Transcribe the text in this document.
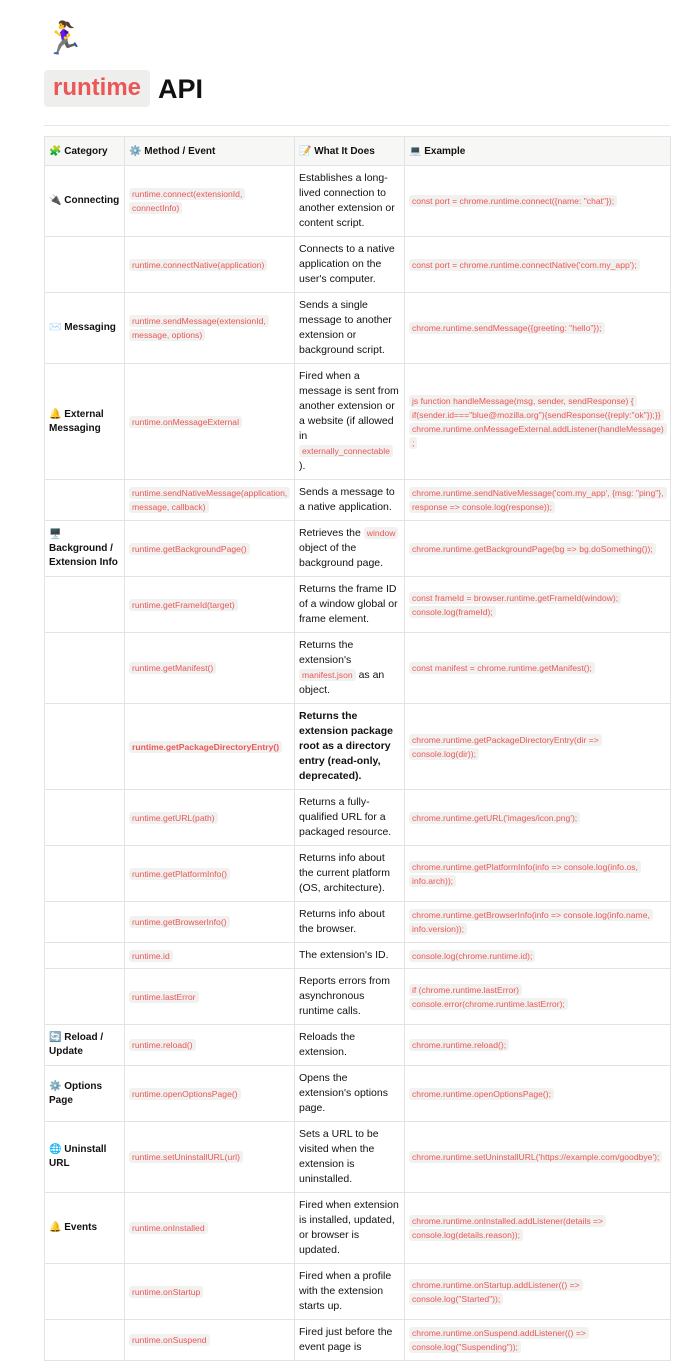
🏃‍♀️
runtime API
🧩 Category	⚙️ Method / Event	📝 What It Does	💻 Example
🔌 Connecting	runtime.connect(extensionId, connectInfo)	Establishes a long-lived connection to another extension or content script.	const port = chrome.runtime.connect({name: "chat"});
	runtime.connectNative(application)	Connects to a native application on the user's computer.	const port = chrome.runtime.connectNative('com.my_app');
✉️ Messaging	runtime.sendMessage(extensionId, message, options)	Sends a single message to another extension or background script.	chrome.runtime.sendMessage({greeting: "hello"});
🔔 External Messaging	runtime.onMessageExternal	Fired when a message is sent from another extension or a website (if allowed in externally_connectable ).	js function handleMessage(msg, sender, sendResponse) { if(sender.id==="blue@mozilla.org"){sendResponse({reply:"ok"});}} chrome.runtime.onMessageExternal.addListener(handleMessage);
	runtime.sendNativeMessage(application, message, callback)	Sends a message to a native application.	chrome.runtime.sendNativeMessage('com.my_app', {msg: "ping"}, response => console.log(response));
🖥️ Background / Extension Info	runtime.getBackgroundPage()	Retrieves the window object of the background page.	chrome.runtime.getBackgroundPage(bg => bg.doSomething());
	runtime.getFrameId(target)	Returns the frame ID of a window global or frame element.	const frameId = browser.runtime.getFrameId(window); console.log(frameId);
	runtime.getManifest()	Returns the extension's manifest.json as an object.	const manifest = chrome.runtime.getManifest();
	runtime.getPackageDirectoryEntry()	Returns the extension package root as a directory entry (read-only, deprecated).	chrome.runtime.getPackageDirectoryEntry(dir => console.log(dir));
	runtime.getURL(path)	Returns a fully-qualified URL for a packaged resource.	chrome.runtime.getURL('images/icon.png');
	runtime.getPlatformInfo()	Returns info about the current platform (OS, architecture).	chrome.runtime.getPlatformInfo(info => console.log(info.os, info.arch));
	runtime.getBrowserInfo()	Returns info about the browser.	chrome.runtime.getBrowserInfo(info => console.log(info.name, info.version));
	runtime.id	The extension's ID.	console.log(chrome.runtime.id);
	runtime.lastError	Reports errors from asynchronous runtime calls.	if (chrome.runtime.lastError) console.error(chrome.runtime.lastError);
🔄 Reload / Update	runtime.reload()	Reloads the extension.	chrome.runtime.reload();
⚙️ Options Page	runtime.openOptionsPage()	Opens the extension's options page.	chrome.runtime.openOptionsPage();
🌐 Uninstall URL	runtime.setUninstallURL(url)	Sets a URL to be visited when the extension is uninstalled.	chrome.runtime.setUninstallURL('https://example.com/goodbye');
🔔 Events	runtime.onInstalled	Fired when extension is installed, updated, or browser is updated.	chrome.runtime.onInstalled.addListener(details => console.log(details.reason));
	runtime.onStartup	Fired when a profile with the extension starts up.	chrome.runtime.onStartup.addListener(() => console.log("Started"));
	runtime.onSuspend	Fired just before the event page is	chrome.runtime.onSuspend.addListener(() => console.log("Suspending"));
